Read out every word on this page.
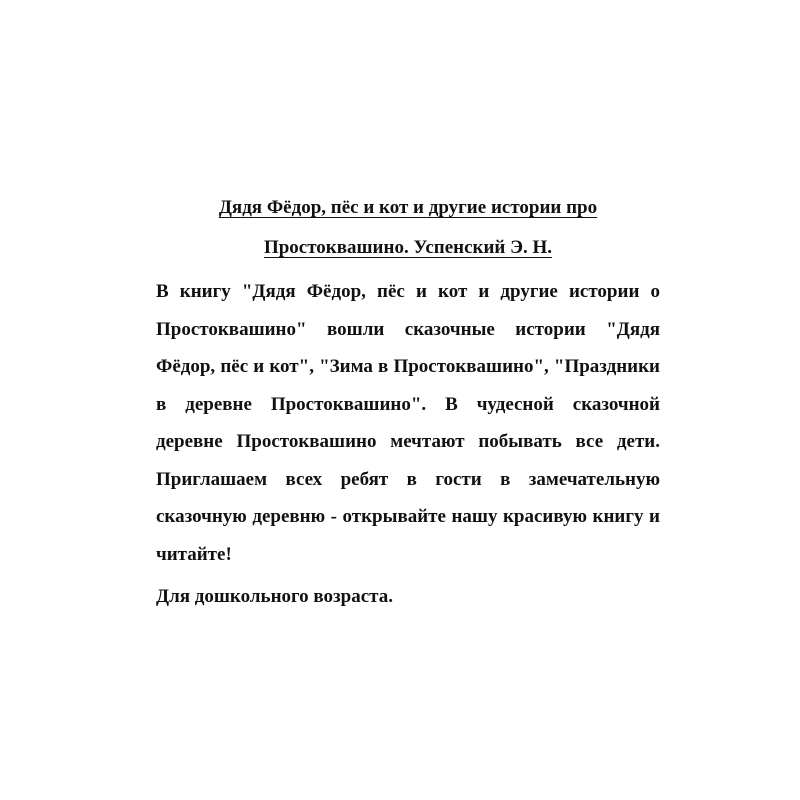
Дядя Фёдор, пёс и кот и другие истории про
Простоквашино. Успенский Э. Н.

В книгу "Дядя Фёдор, пёс и кот и другие истории о Простоквашино" вошли сказочные истории "Дядя Фёдор, пёс и кот", "Зима в Простоквашино", "Праздники в деревне Простоквашино". В чудесной сказочной деревне Простоквашино мечтают побывать все дети. Приглашаем всех ребят в гости в замечательную сказочную деревню - открывайте нашу красивую книгу и читайте!

Для дошкольного возраста.
